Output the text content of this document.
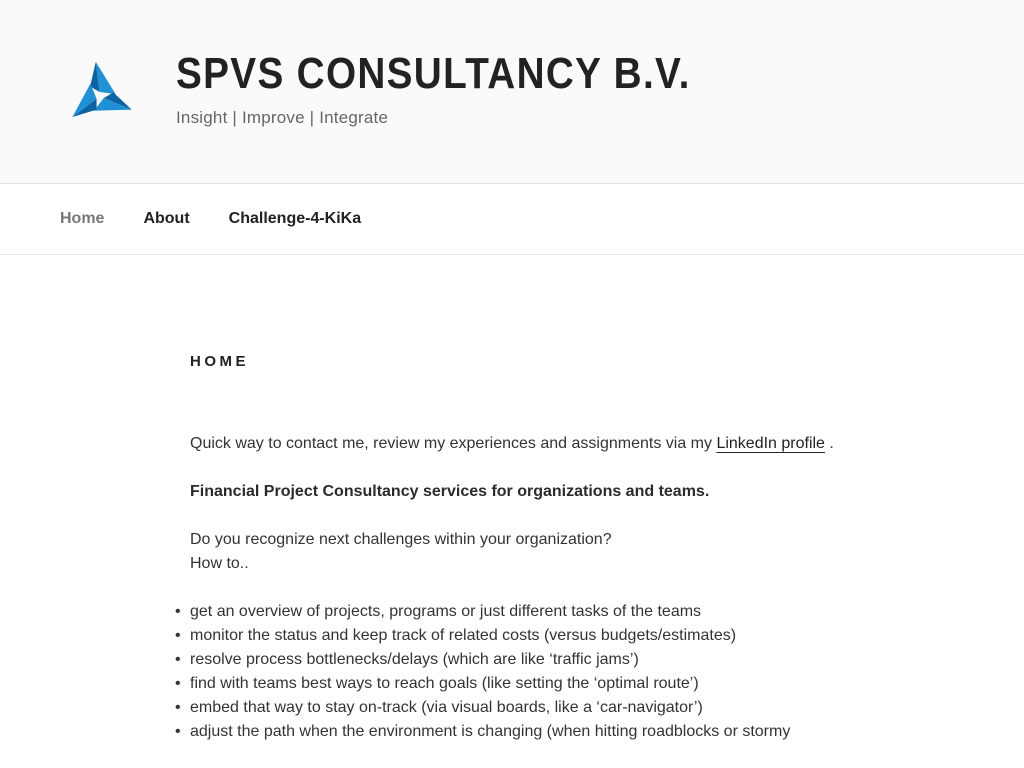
SPVS CONSULTANCY B.V.

Insight | Improve | Integrate

Home About Challenge-4-KiKa
HOME

Quick way to contact me, review my experiences and assignments via my LinkedIn profile .

Financial Project Consultancy services for organizations and teams.

Do you recognize next challenges within your organization?
How to..

• get an overview of projects, programs or just different tasks of the teams
• monitor the status and keep track of related costs (versus budgets/estimates)
• resolve process bottlenecks/delays (which are like ‘traffic jams’)
• find with teams best ways to reach goals (like setting the ‘optimal route’)
• embed that way to stay on-track (via visual boards, like a ‘car-navigator’)
• adjust the path when the environment is changing (when hitting roadblocks or stormy
